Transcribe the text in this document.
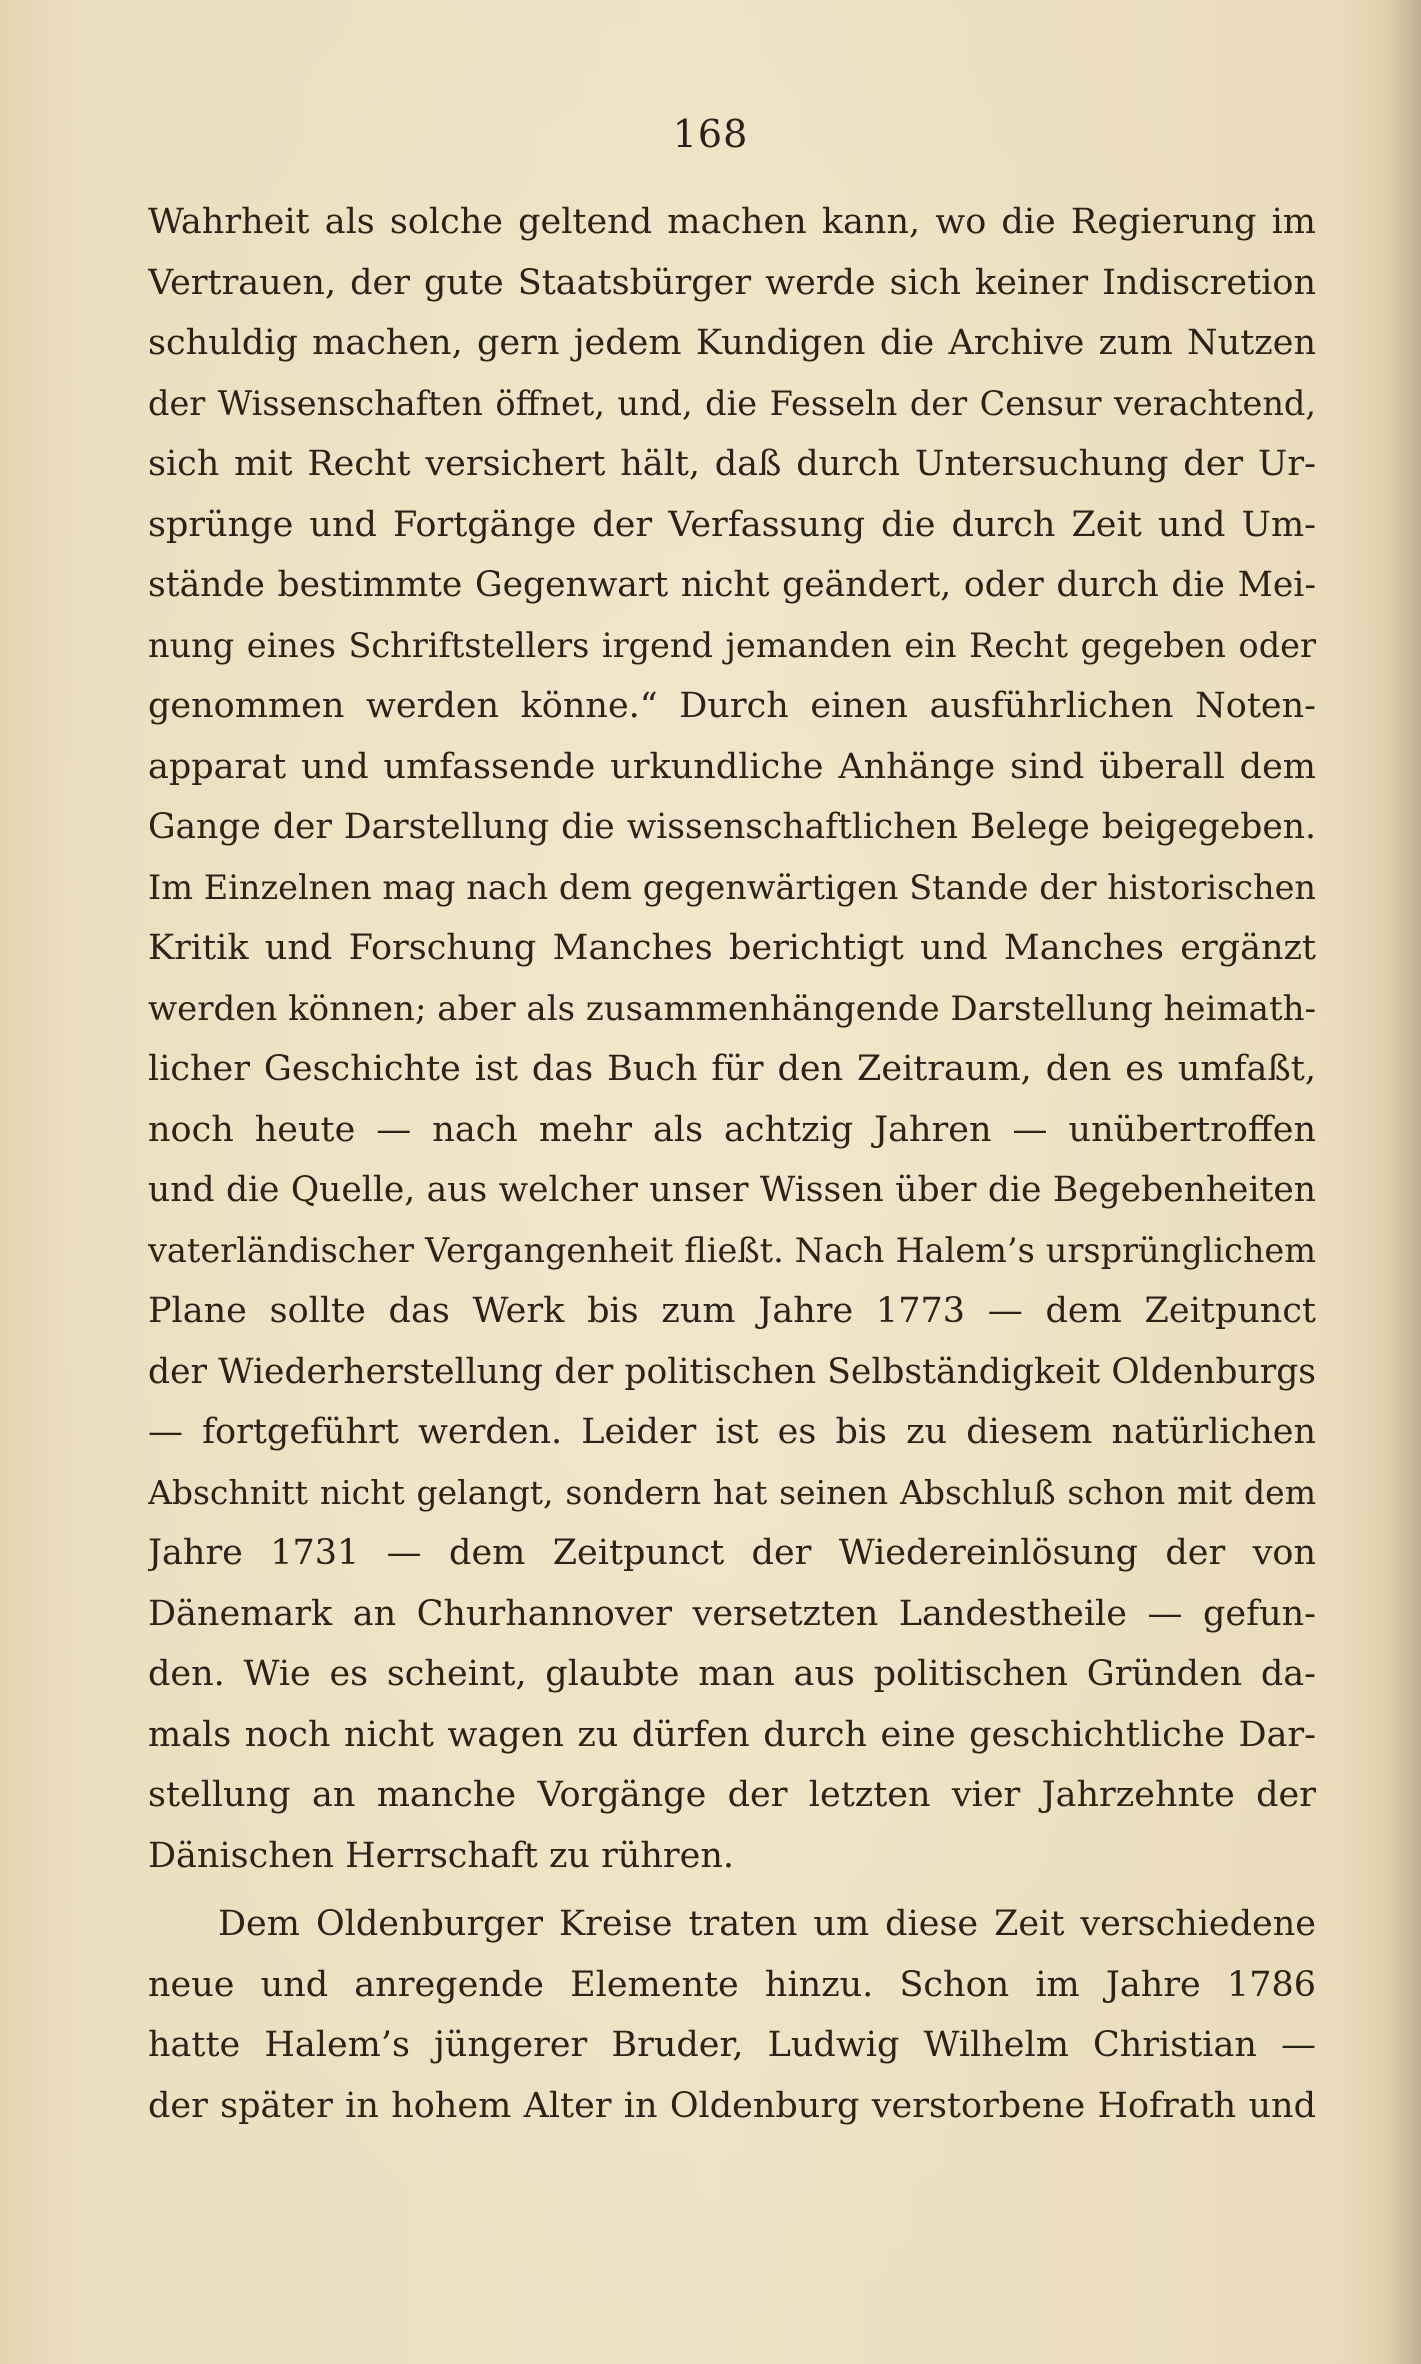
168
Wahrheit als solche geltend machen kann, wo die Regierung im
Vertrauen, der gute Staatsbürger werde sich keiner Indiscretion
schuldig machen, gern jedem Kundigen die Archive zum Nutzen
der Wissenschaften öffnet, und, die Fesseln der Censur verachtend,
sich mit Recht versichert hält, daß durch Untersuchung der Ur-
sprünge und Fortgänge der Verfassung die durch Zeit und Um-
stände bestimmte Gegenwart nicht geändert, oder durch die Mei-
nung eines Schriftstellers irgend jemanden ein Recht gegeben oder
genommen werden könne.“ Durch einen ausführlichen Noten-
apparat und umfassende urkundliche Anhänge sind überall dem
Gange der Darstellung die wissenschaftlichen Belege beigegeben.
Im Einzelnen mag nach dem gegenwärtigen Stande der historischen
Kritik und Forschung Manches berichtigt und Manches ergänzt
werden können; aber als zusammenhängende Darstellung heimath-
licher Geschichte ist das Buch für den Zeitraum, den es umfaßt,
noch heute — nach mehr als achtzig Jahren — unübertroffen
und die Quelle, aus welcher unser Wissen über die Begebenheiten
vaterländischer Vergangenheit fließt. Nach Halem’s ursprünglichem
Plane sollte das Werk bis zum Jahre 1773 — dem Zeitpunct
der Wiederherstellung der politischen Selbständigkeit Oldenburgs
— fortgeführt werden. Leider ist es bis zu diesem natürlichen
Abschnitt nicht gelangt, sondern hat seinen Abschluß schon mit dem
Jahre 1731 — dem Zeitpunct der Wiedereinlösung der von
Dänemark an Churhannover versetzten Landestheile — gefun-
den. Wie es scheint, glaubte man aus politischen Gründen da-
mals noch nicht wagen zu dürfen durch eine geschichtliche Dar-
stellung an manche Vorgänge der letzten vier Jahrzehnte der
Dänischen Herrschaft zu rühren.
Dem Oldenburger Kreise traten um diese Zeit verschiedene
neue und anregende Elemente hinzu. Schon im Jahre 1786
hatte Halem’s jüngerer Bruder, Ludwig Wilhelm Christian —
der später in hohem Alter in Oldenburg verstorbene Hofrath und
